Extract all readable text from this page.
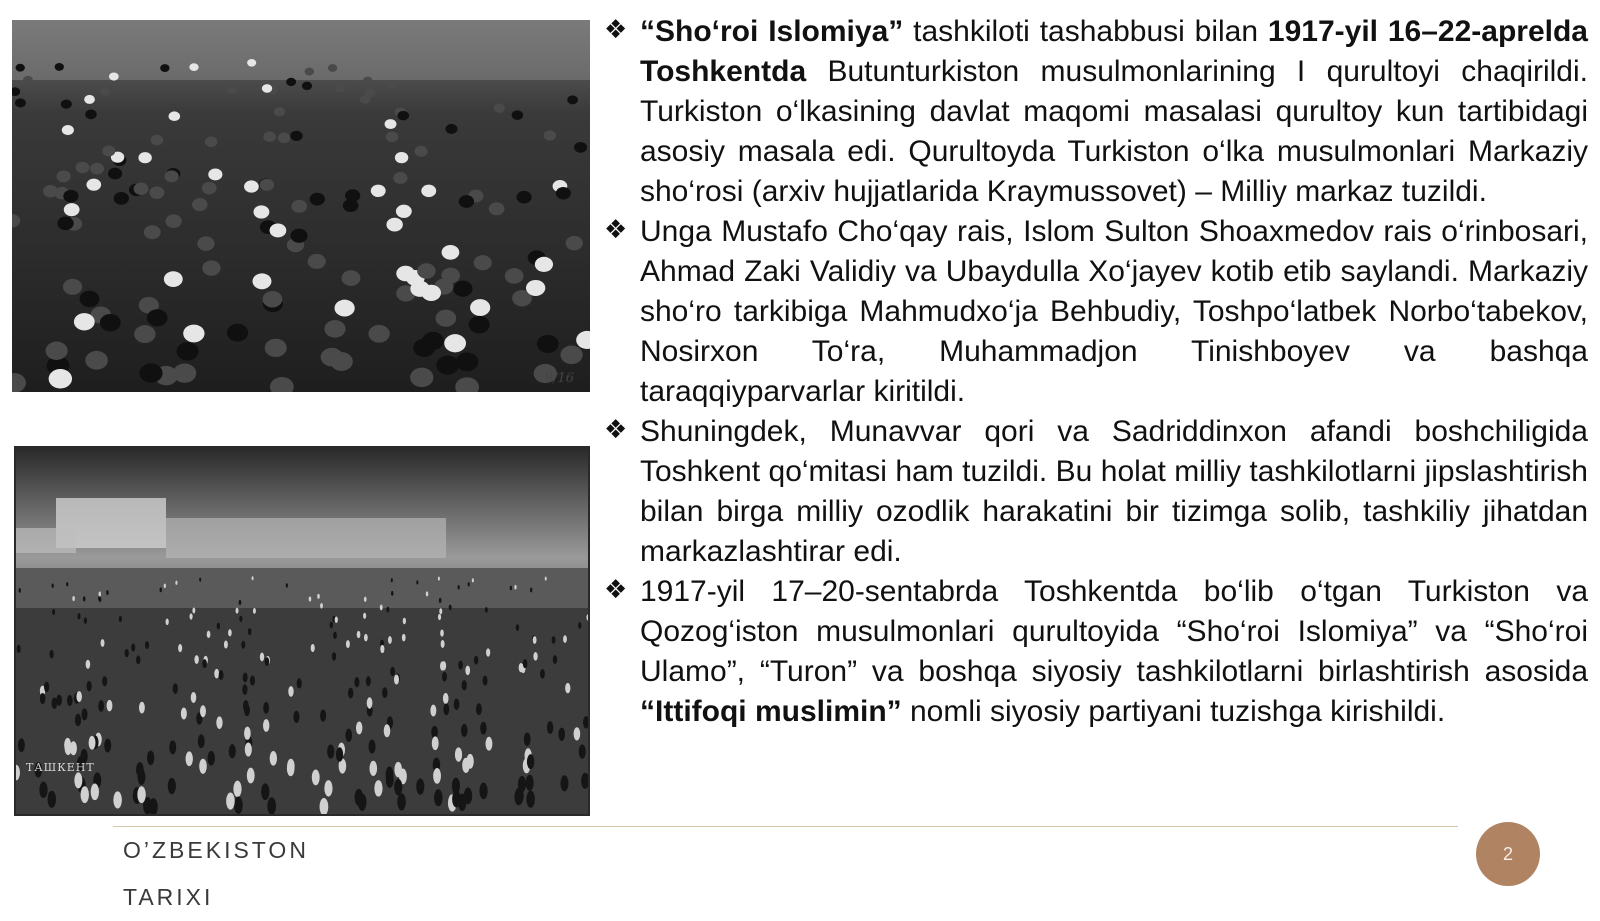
9/16
ТАШКЕНТ
❖ “Sho‘roi Islomiya” tashkiloti tashabbusi bilan 1917-yil 16–22-aprelda Toshkentda Butunturkiston musulmonlarining I qurultoyi chaqirildi. Turkiston o‘lkasining davlat maqomi masalasi qurultoy kun tartibidagi asosiy masala edi. Qurultoyda Turkiston o‘lka musulmonlari Markaziy sho‘rosi (arxiv hujjatlarida Kraymussovet) – Milliy markaz tuzildi.

❖ Unga Mustafo Cho‘qay rais, Islom Sulton Shoaxmedov rais o‘rinbosari, Ahmad Zaki Validiy va Ubaydulla Xo‘jayev kotib etib saylandi. Markaziy sho‘ro tarkibiga Mahmudxo‘ja Behbudiy, Toshpo‘latbek Norbo‘tabekov, Nosirxon To‘ra, Muhammadjon Tinishboyev va bashqa taraqqiyparvarlar kiritildi.

❖ Shuningdek, Munavvar qori va Sadriddinxon afandi boshchiligida Toshkent qo‘mitasi ham tuzildi. Bu holat milliy tashkilotlarni jipslashtirish bilan birga milliy ozodlik harakatini bir tizimga solib, tashkiliy jihatdan markazlashtirar edi.

❖ 1917-yil 17–20-sentabrda Toshkentda bo‘lib o‘tgan Turkiston va Qozog‘iston musulmonlari qurultoyida “Sho‘roi Islomiya” va “Sho‘roi Ulamo”, “Turon” va boshqa siyosiy tashkilotlarni birlashtirish asosida “Ittifoqi muslimin” nomli siyosiy partiyani tuzishga kirishildi.

O’ZBEKISTON
TARIXI
2
